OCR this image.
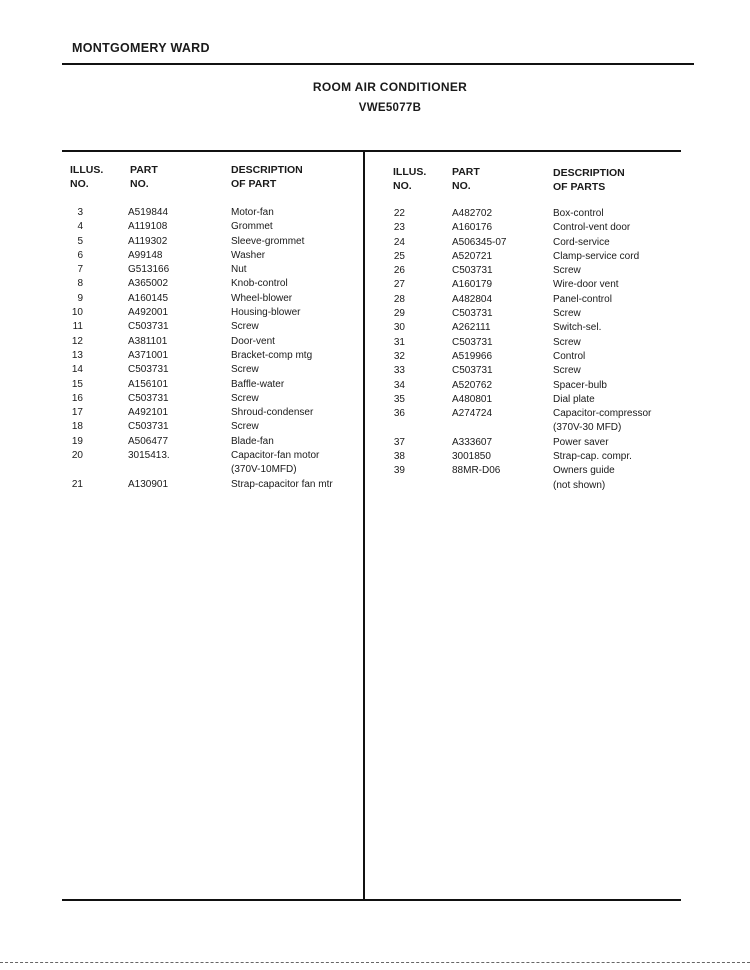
MONTGOMERY WARD
ROOM AIR CONDITIONER
VWE5077B
ILLUS.
NO.
PART
NO.
DESCRIPTION
OF PART
ILLUS.
NO.
PART
NO.
DESCRIPTION
OF PARTS
3	A519844	Motor-fan
4	A119108	Grommet
5	A119302	Sleeve-grommet
6	A99148	Washer
7	G513166	Nut
8	A365002	Knob-control
9	A160145	Wheel-blower
10	A492001	Housing-blower
11	C503731	Screw
12	A381101	Door-vent
13	A371001	Bracket-comp mtg
14	C503731	Screw
15	A156101	Baffle-water
16	C503731	Screw
17	A492101	Shroud-condenser
18	C503731	Screw
19	A506477	Blade-fan
20	3015413.	Capacitor-fan motor
(370V-10MFD)
21	A130901	Strap-capacitor fan mtr
22	A482702	Box-control
23	A160176	Control-vent door
24	A506345-07	Cord-service
25	A520721	Clamp-service cord
26	C503731	Screw
27	A160179	Wire-door vent
28	A482804	Panel-control
29	C503731	Screw
30	A262111	Switch-sel.
31	C503731	Screw
32	A519966	Control
33	C503731	Screw
34	A520762	Spacer-bulb
35	A480801	Dial plate
36	A274724	Capacitor-compressor
(370V-30 MFD)
37	A333607	Power saver
38	3001850	Strap-cap. compr.
39	88MR-D06	Owners guide
(not shown)
